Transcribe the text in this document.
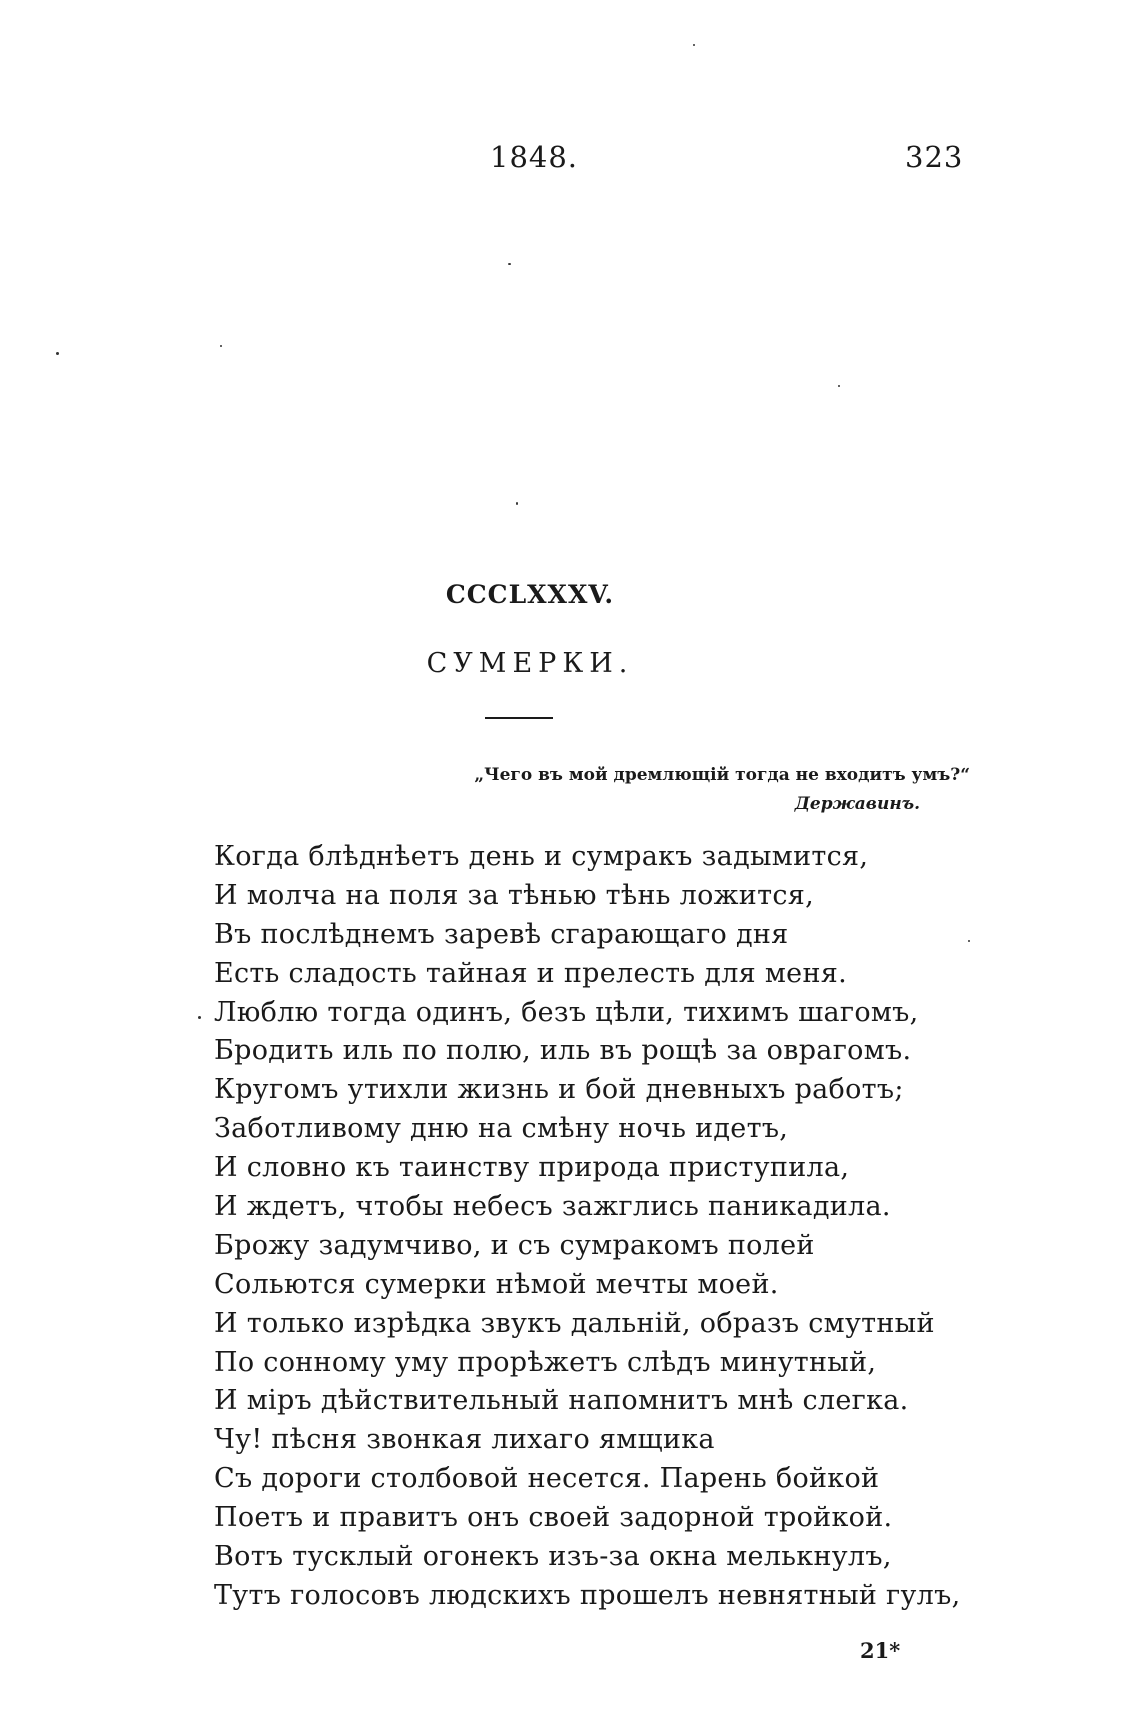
1848.	323
CCCLXXXV.
СУМЕРКИ.
„Чего въ мой дремлющій тогда не входитъ умъ?“
Державинъ.
Когда блѣднѣетъ день и сумракъ задымится,
И молча на поля за тѣнью тѣнь ложится,
Въ послѣднемъ заревѣ сгарающаго дня
Есть сладость тайная и прелесть для меня.
Люблю тогда одинъ, безъ цѣли, тихимъ шагомъ,
Бродить иль по полю, иль въ рощѣ за оврагомъ.
Кругомъ утихли жизнь и бой дневныхъ работъ;
Заботливому дню на смѣну ночь идетъ,
И словно къ таинству природа приступила,
И ждетъ, чтобы небесъ зажглись паникадила.
Брожу задумчиво, и съ сумракомъ полей
Сольются сумерки нѣмой мечты моей.
И только изрѣдка звукъ дальній, образъ смутный
По сонному уму прорѣжетъ слѣдъ минутный,
И міръ дѣйствительный напомнитъ мнѣ слегка.
Чу! пѣсня звонкая лихаго ямщика
Съ дороги столбовой несется. Парень бойкой
Поетъ и правитъ онъ своей задорной тройкой.
Вотъ тусклый огонекъ изъ-за окна мелькнулъ,
Тутъ голосовъ людскихъ прошелъ невнятный гулъ,
21*
